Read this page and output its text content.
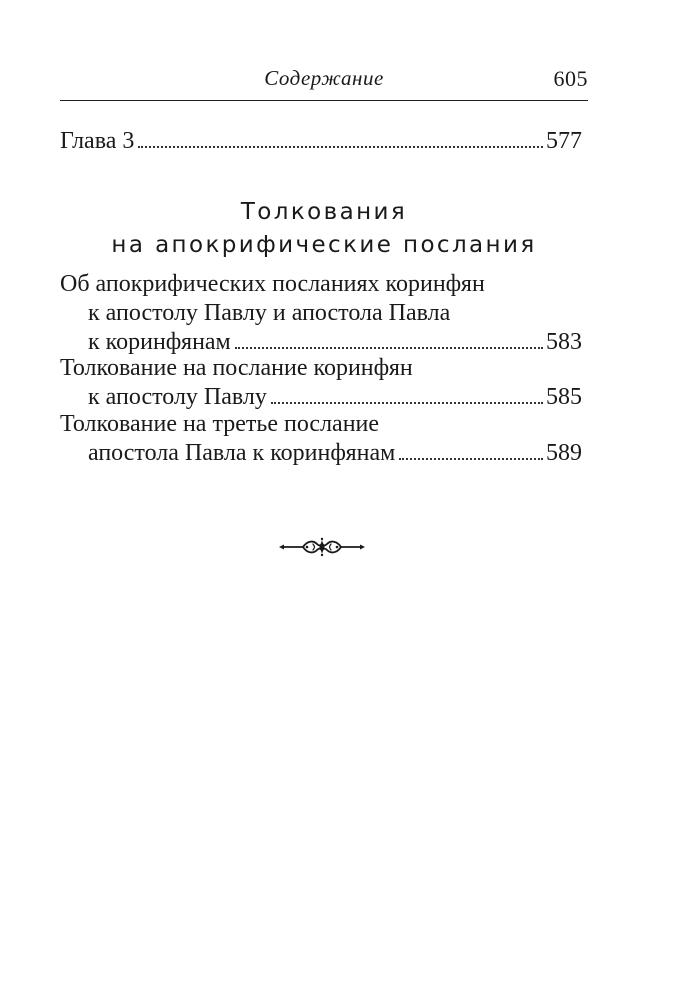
Содержание	605
Глава 3	577
Толкования
на апокрифические послания
Об апокрифических посланиях коринфян
к апостолу Павлу и апостола Павла
к коринфянам	583
Толкование на послание коринфян
к апостолу Павлу	585
Толкование на третье послание
апостола Павла к коринфянам	589
